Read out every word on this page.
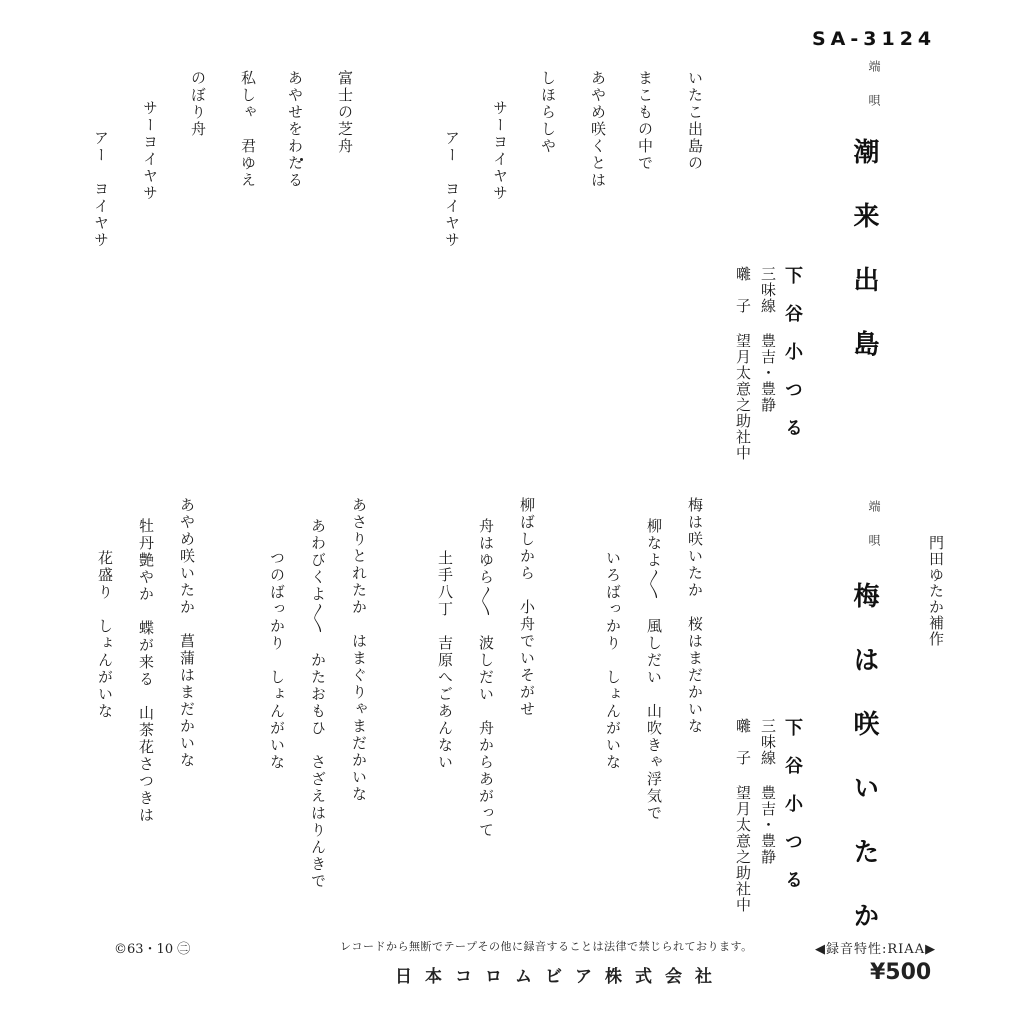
SA-3124
端唄
潮来出島
下谷小つる
三味線 豊吉・豊静
囃　子 望月太意之助社中
いたこ出島の
まこもの中で
あやめ咲くとは
しほらしや
サーヨイヤサ
アー　ヨイヤサ
富士の芝舟
あやせをわたる
私しゃ　君ゆえ
のぼり舟
サーヨイヤサ
アー　ヨイヤサ
門田ゆたか補作
端唄
梅は咲いたか
下谷小つる
三味線 豊吉・豊静
囃　子 望月太意之助社中
梅は咲いたか　桜はまだかいな
柳なよ〳〵　風しだい　山吹きゃ浮気で
いろばっかり　しょんがいな
柳ばしから　小舟でいそがせ
舟はゆら〳〵　波しだい　舟からあがって
土手八丁　吉原へごあんない
あさりとれたか　はまぐりゃまだかいな
あわびくよ〳〵　かたおもひ　さざえはりんきで
つのばっかり　しょんがいな
あやめ咲いたか　菖蒲はまだかいな
牡丹艶やか　蝶が来る　山茶花さつきは
花盛り　しょんがいな
©63・10 ㊁	レコードから無断でテープその他に録音することは法律で禁じられております。	◀録音特性:RIAA▶
日本コロムビア株式会社	¥500
